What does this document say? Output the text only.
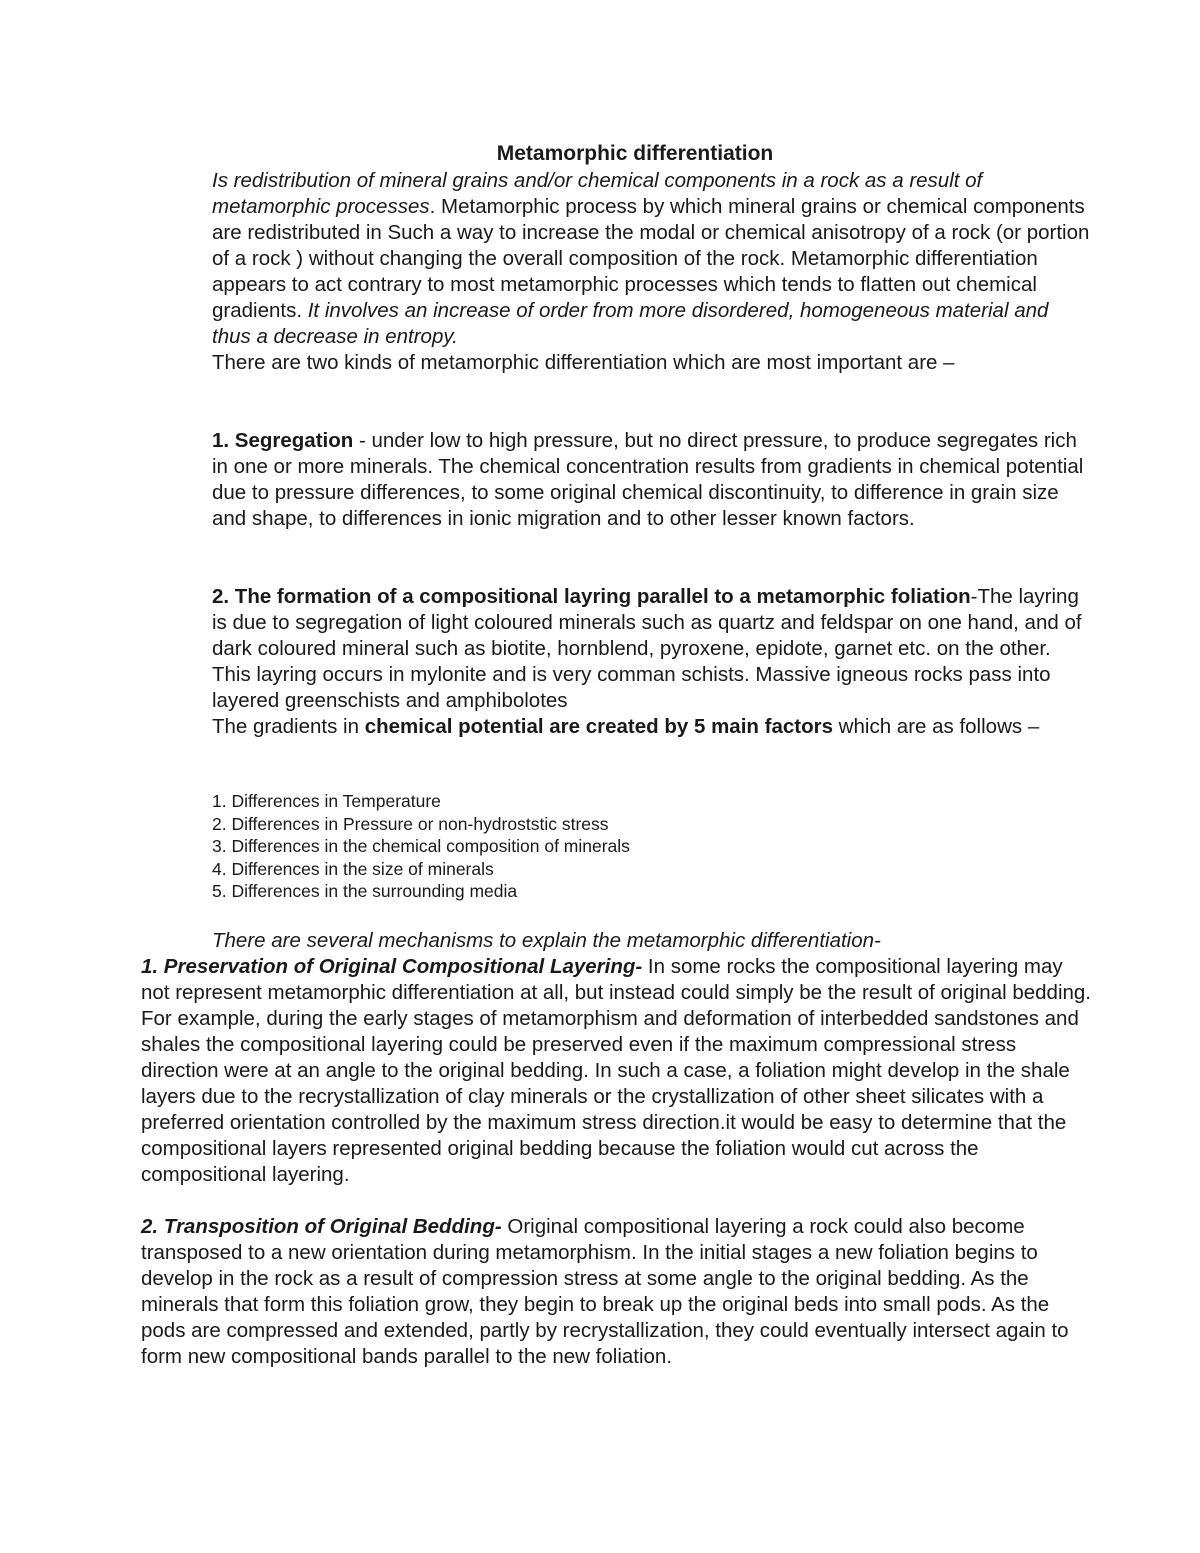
Metamorphic differentiation

Is redistribution of mineral grains and/or chemical components in a rock as a result of metamorphic processes. Metamorphic process by which mineral grains or chemical components are redistributed in Such a way to increase the modal or chemical anisotropy of a rock (or portion of a rock ) without changing the overall composition of the rock. Metamorphic differentiation appears to act contrary to most metamorphic processes which tends to flatten out chemical gradients. It involves an increase of order from more disordered, homogeneous material and thus a decrease in entropy.

There are two kinds of metamorphic differentiation which are most important are –

1. Segregation - under low to high pressure, but no direct pressure, to produce segregates rich in one or more minerals. The chemical concentration results from gradients in chemical potential due to pressure differences, to some original chemical discontinuity, to difference in grain size and shape, to differences in ionic migration and to other lesser known factors.

2. The formation of a compositional layring parallel to a metamorphic foliation-The layring is due to segregation of light coloured minerals such as quartz and feldspar on one hand, and of dark coloured mineral such as biotite, hornblend, pyroxene, epidote, garnet etc. on the other. This layring occurs in mylonite and is very comman schists. Massive igneous rocks pass into layered greenschists and amphibolotes

The gradients in chemical potential are created by 5 main factors which are as follows –

1. Differences in Temperature
2. Differences in Pressure or non-hydroststic stress
3. Differences in the chemical composition of minerals
4. Differences in the size of minerals
5. Differences in the surrounding media

There are several mechanisms to explain the metamorphic differentiation-

1. Preservation of Original Compositional Layering- In some rocks the compositional layering may not represent metamorphic differentiation at all, but instead could simply be the result of original bedding. For example, during the early stages of metamorphism and deformation of interbedded sandstones and shales the compositional layering could be preserved even if the maximum compressional stress direction were at an angle to the original bedding. In such a case, a foliation might develop in the shale layers due to the recrystallization of clay minerals or the crystallization of other sheet silicates with a preferred orientation controlled by the maximum stress direction.it would be easy to determine that the compositional layers represented original bedding because the foliation would cut across the compositional layering.

2. Transposition of Original Bedding- Original compositional layering a rock could also become transposed to a new orientation during metamorphism. In the initial stages a new foliation begins to develop in the rock as a result of compression stress at some angle to the original bedding. As the minerals that form this foliation grow, they begin to break up the original beds into small pods. As the pods are compressed and extended, partly by recrystallization, they could eventually intersect again to form new compositional bands parallel to the new foliation.
